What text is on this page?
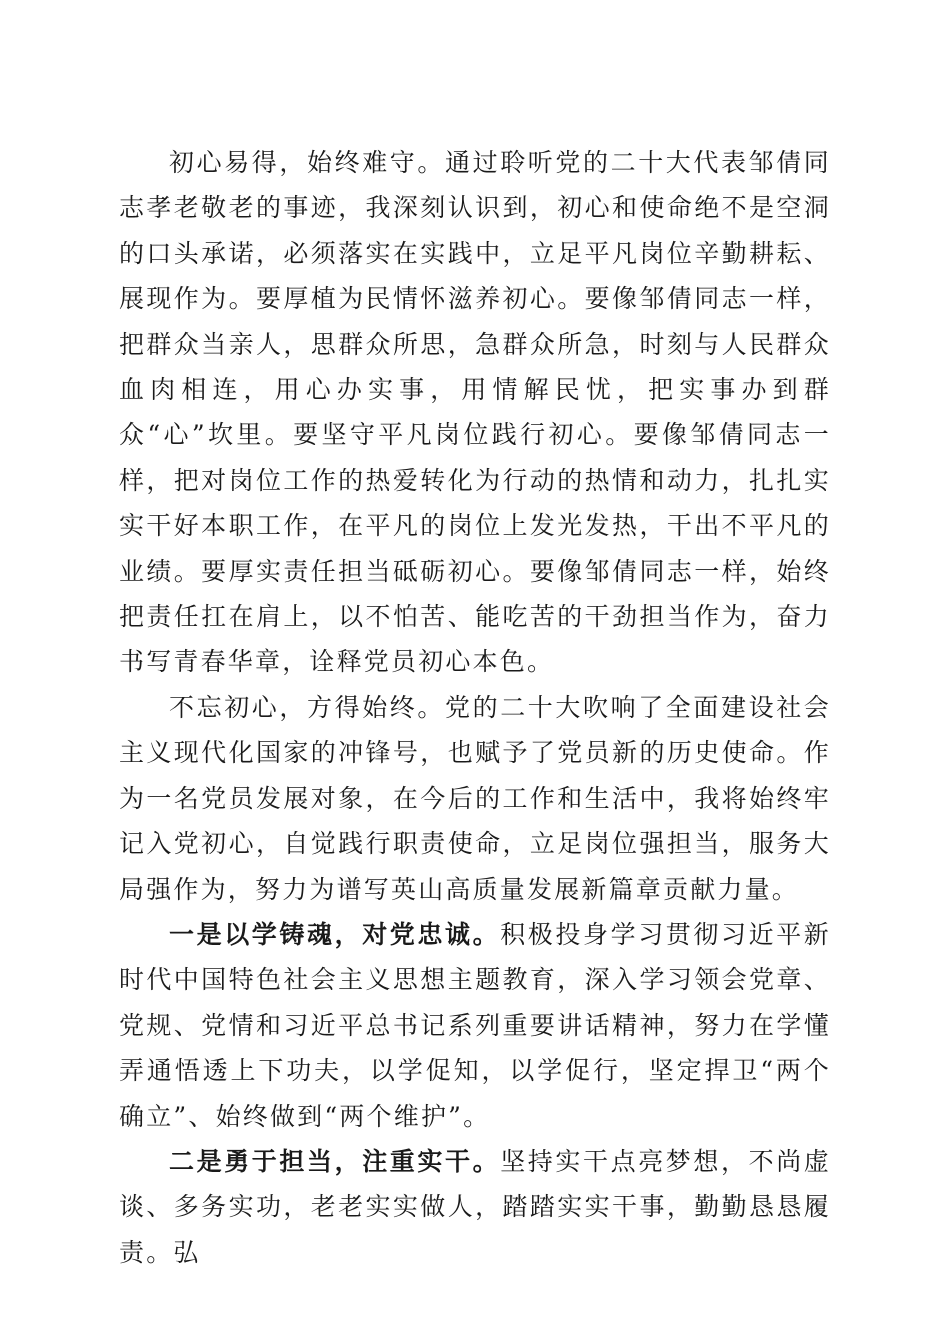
初心易得，始终难守。通过聆听党的二十大代表邹倩同志孝老敬老的事迹，我深刻认识到，初心和使命绝不是空洞的口头承诺，必须落实在实践中，立足平凡岗位辛勤耕耘、展现作为。要厚植为民情怀滋养初心。要像邹倩同志一样，把群众当亲人，思群众所思，急群众所急，时刻与人民群众血肉相连，用心办实事，用情解民忧，把实事办到群众“心”坎里。要坚守平凡岗位践行初心。要像邹倩同志一样，把对岗位工作的热爱转化为行动的热情和动力，扎扎实实干好本职工作，在平凡的岗位上发光发热，干出不平凡的业绩。要厚实责任担当砥砺初心。要像邹倩同志一样，始终把责任扛在肩上，以不怕苦、能吃苦的干劲担当作为，奋力书写青春华章，诠释党员初心本色。

不忘初心，方得始终。党的二十大吹响了全面建设社会主义现代化国家的冲锋号，也赋予了党员新的历史使命。作为一名党员发展对象，在今后的工作和生活中，我将始终牢记入党初心，自觉践行职责使命，立足岗位强担当，服务大局强作为，努力为谱写英山高质量发展新篇章贡献力量。

一是以学铸魂，对党忠诚。积极投身学习贯彻习近平新时代中国特色社会主义思想主题教育，深入学习领会党章、党规、党情和习近平总书记系列重要讲话精神，努力在学懂弄通悟透上下功夫，以学促知，以学促行，坚定捍卫“两个确立”、始终做到“两个维护”。

二是勇于担当，注重实干。坚持实干点亮梦想，不尚虚谈、多务实功，老老实实做人，踏踏实实干事，勤勤恳恳履责。弘
